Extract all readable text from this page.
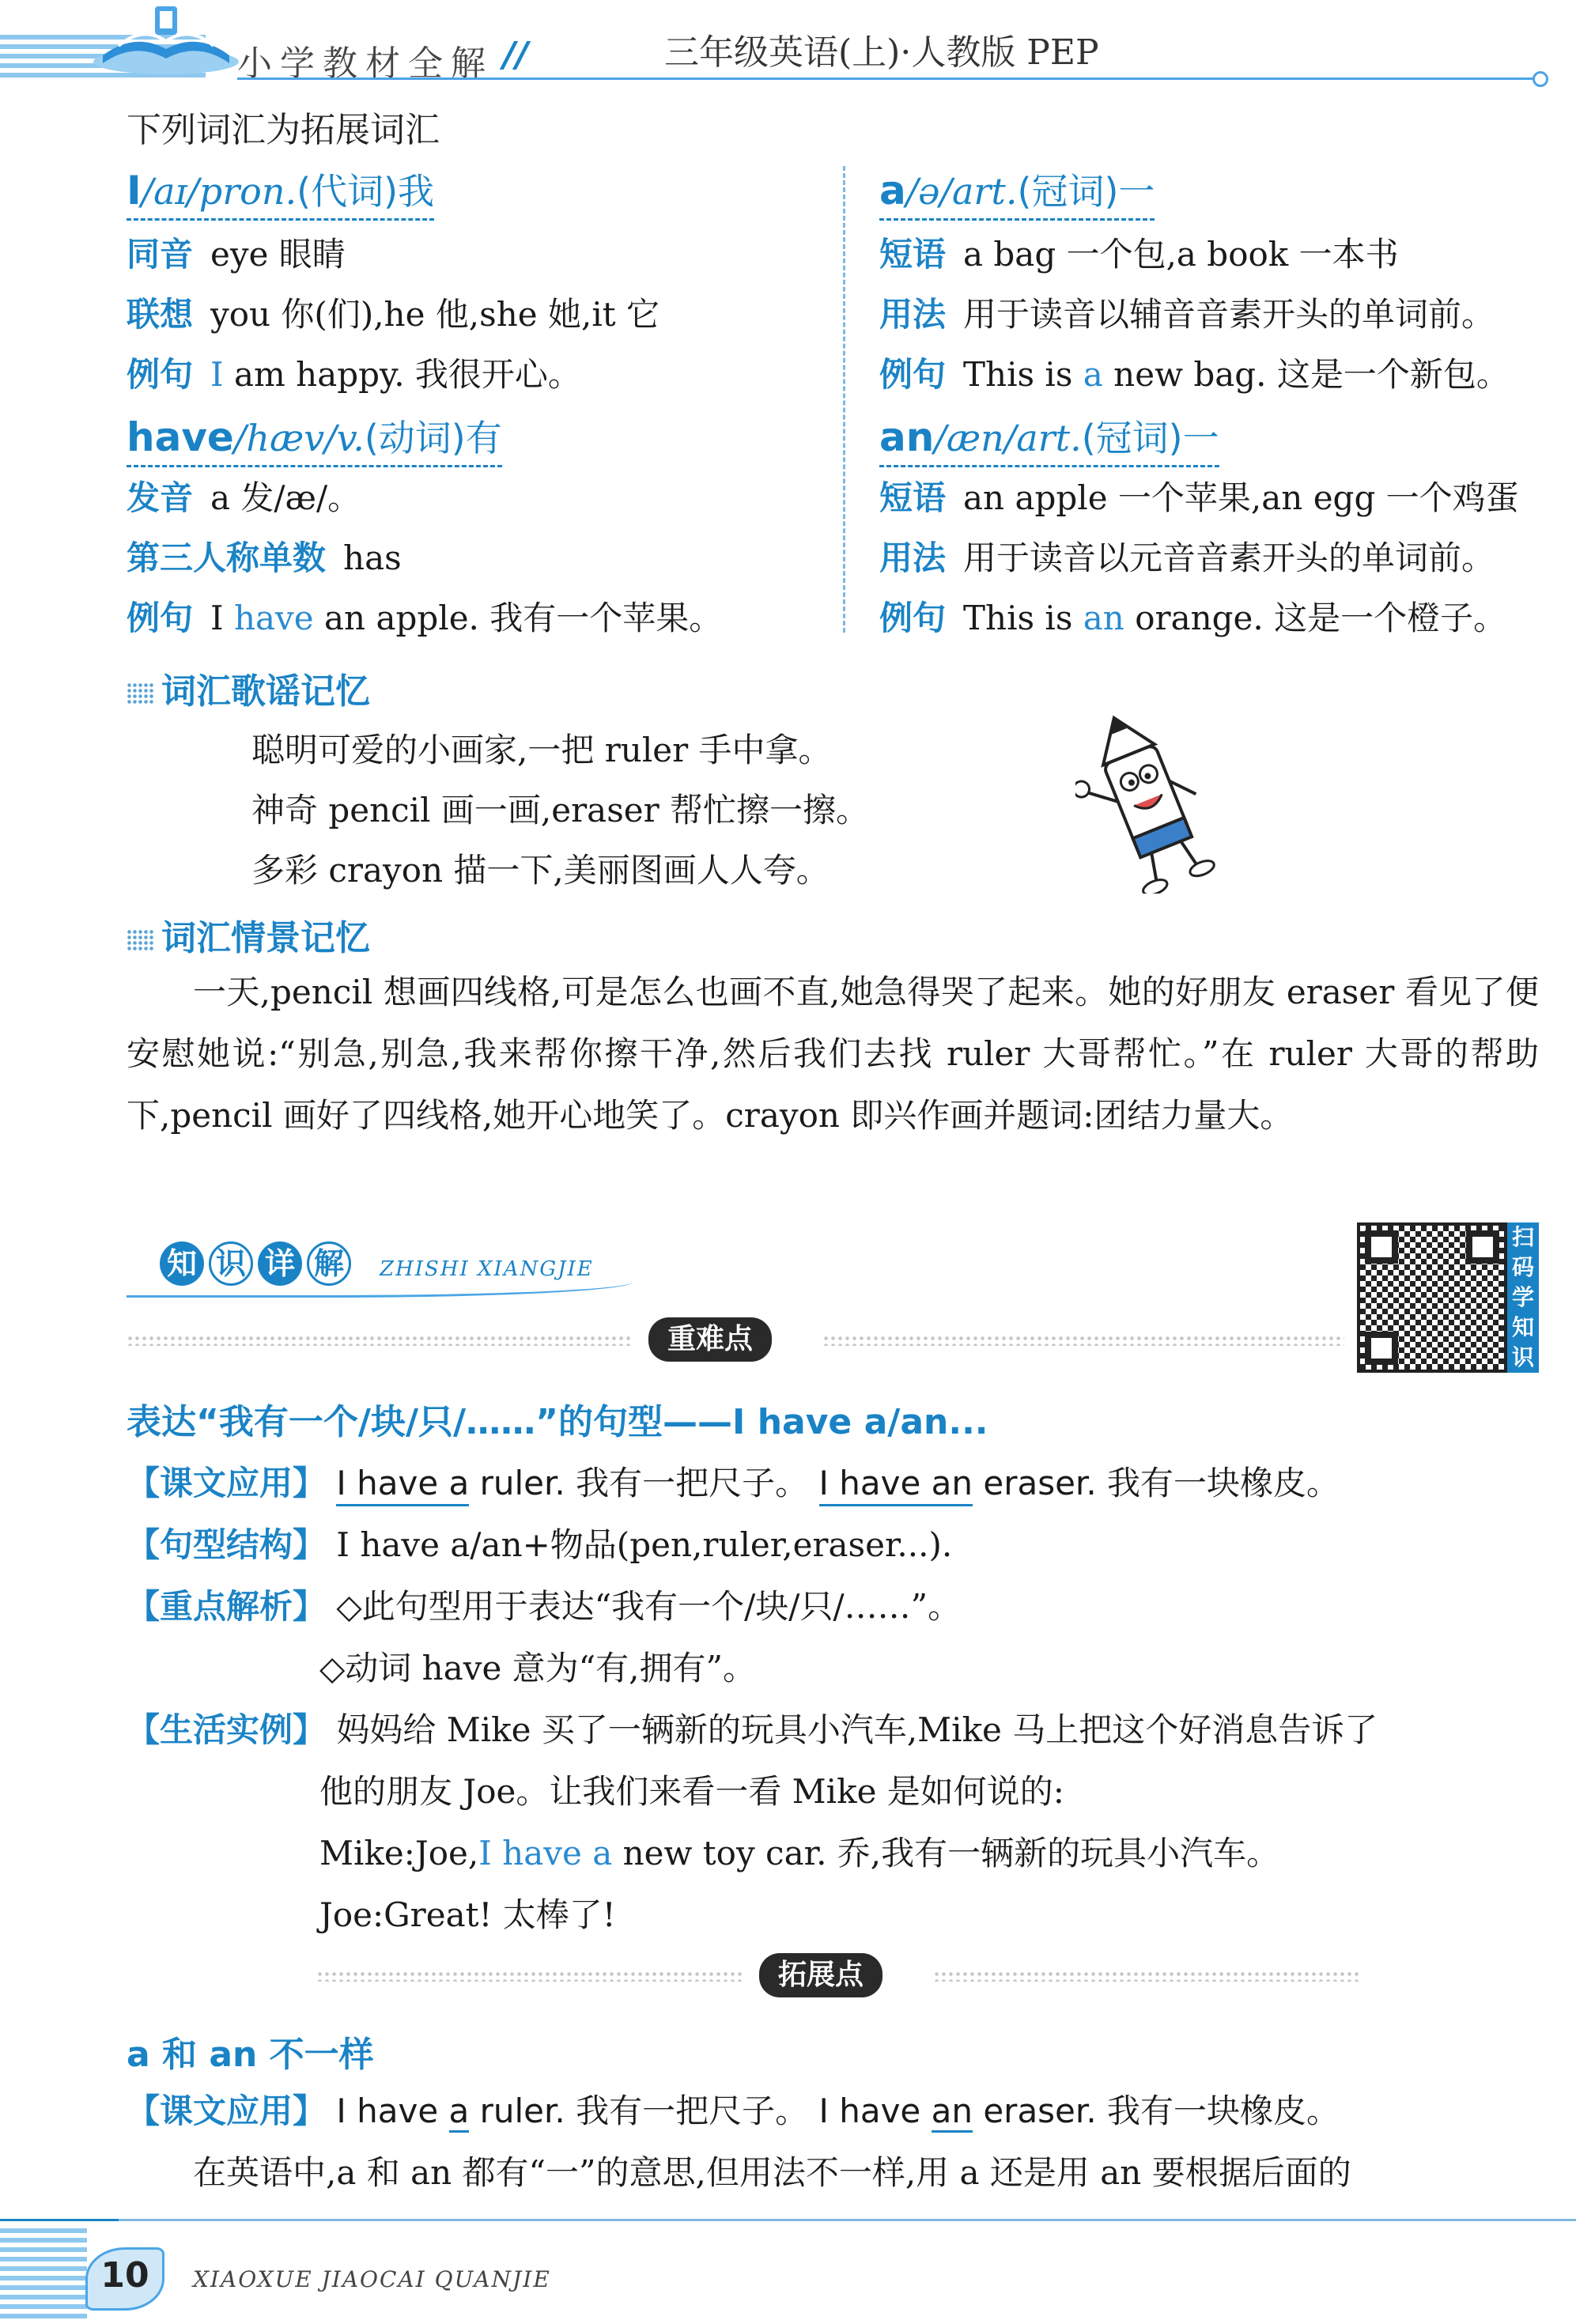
小学教材全解 //	三年级英语(上)·人教版 PEP
下列词汇为拓展词汇
I/aɪ/pron.(代词)我
同音 eye 眼睛
联想 you 你(们),he 他,she 她,it 它
例句 I am happy. 我很开心。
have/hæv/v.(动词)有
发音 a 发/æ/。
第三人称单数 has
例句 I have an apple. 我有一个苹果。
a/ə/art.(冠词)一
短语 a bag 一个包,a book 一本书
用法 用于读音以辅音音素开头的单词前。
例句 This is a new bag. 这是一个新包。
an/æn/art.(冠词)一
短语 an apple 一个苹果,an egg 一个鸡蛋
用法 用于读音以元音音素开头的单词前。
例句 This is an orange. 这是一个橙子。
词汇歌谣记忆
聪明可爱的小画家,一把 ruler 手中拿。
神奇 pencil 画一画,eraser 帮忙擦一擦。
多彩 crayon 描一下,美丽图画人人夸。
词汇情景记忆
一天,pencil 想画四线格,可是怎么也画不直,她急得哭了起来。她的好朋友 eraser 看见了便安慰她说:“别急,别急,我来帮你擦干净,然后我们去找 ruler 大哥帮忙。”在 ruler 大哥的帮助下,pencil 画好了四线格,她开心地笑了。crayon 即兴作画并题词:团结力量大。
知 识 详 解	ZHISHI XIANGJIE
扫
码
学
知
识
重难点
表达“我有一个/块/只/……”的句型——I have a/an...
【课文应用】 I have a ruler. 我有一把尺子。 I have an eraser. 我有一块橡皮。
【句型结构】 I have a/an+物品(pen,ruler,eraser...).
【重点解析】 ◇此句型用于表达“我有一个/块/只/……”。
◇动词 have 意为“有,拥有”。
【生活实例】 妈妈给 Mike 买了一辆新的玩具小汽车,Mike 马上把这个好消息告诉了
他的朋友 Joe。让我们来看一看 Mike 是如何说的:
Mike:Joe,I have a new toy car. 乔,我有一辆新的玩具小汽车。
Joe:Great! 太棒了!
拓展点
a 和 an 不一样
【课文应用】 I have a ruler. 我有一把尺子。 I have an eraser. 我有一块橡皮。
在英语中,a 和 an 都有“一”的意思,但用法不一样,用 a 还是用 an 要根据后面的
10	XIAOXUE JIAOCAI QUANJIE
